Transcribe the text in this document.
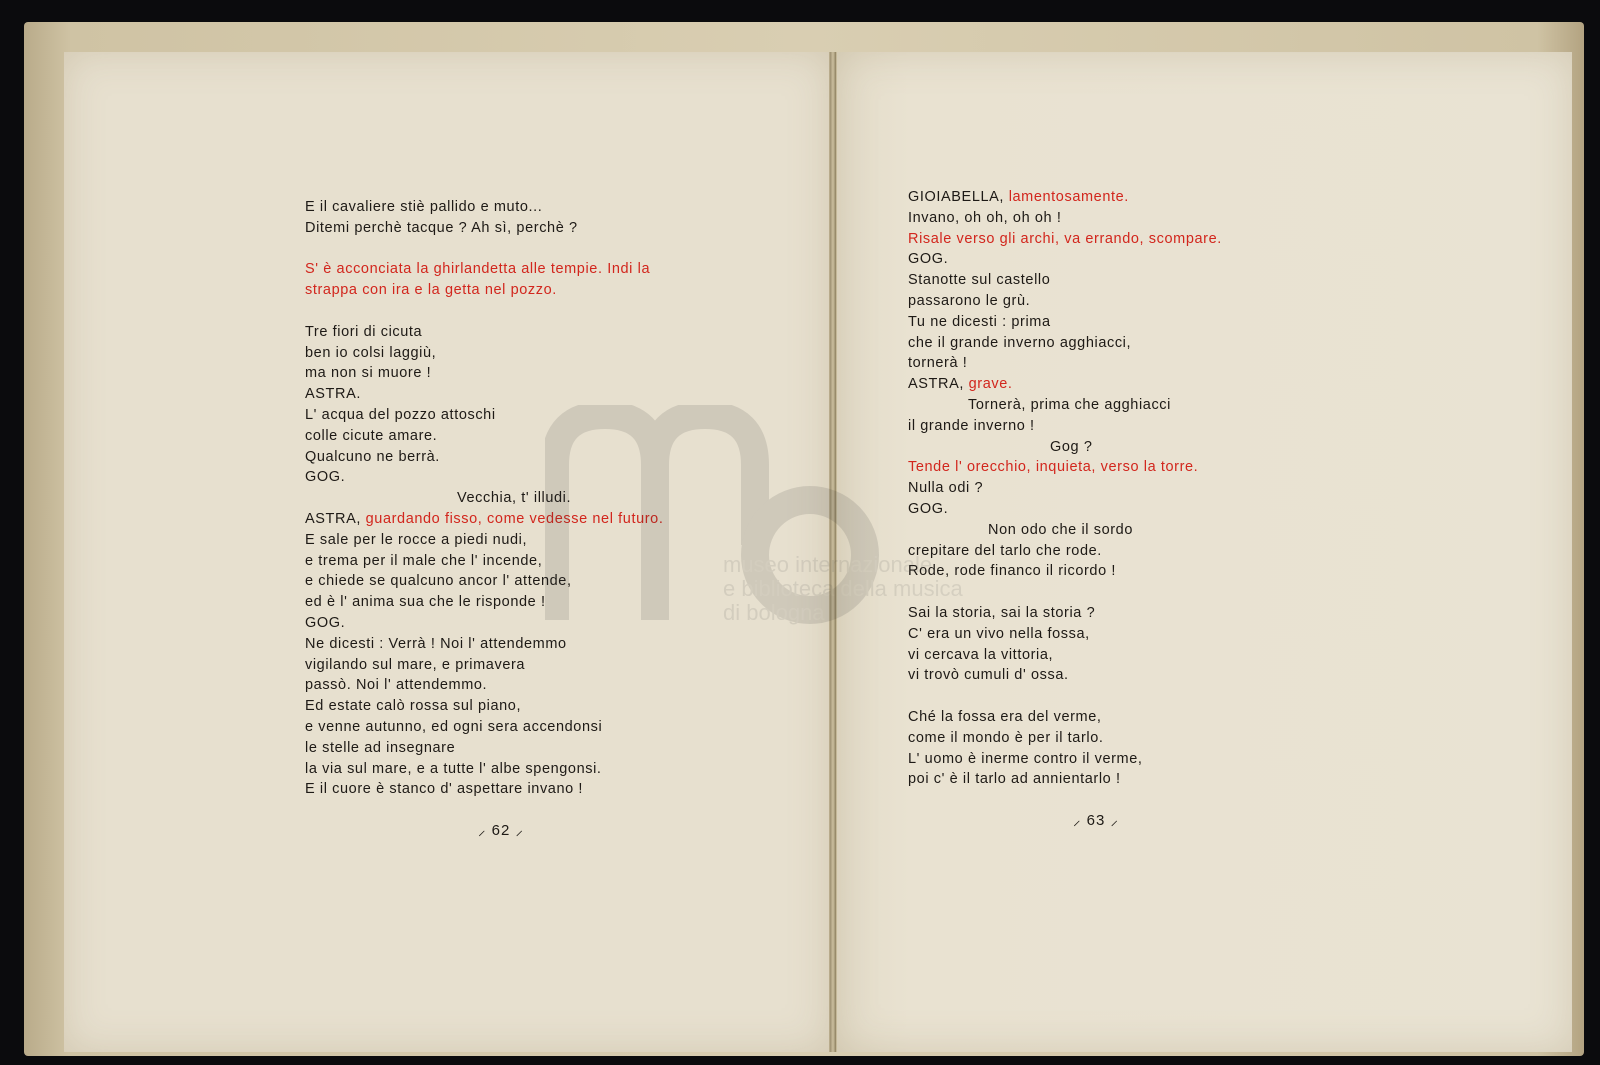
E il cavaliere stiè pallido e muto...
Ditemi perchè tacque ? Ah sì, perchè ?
S' è acconciata la ghirlandetta alle tempie. Indi la
strappa con ira e la getta nel pozzo.
Tre fiori di cicuta
ben io colsi laggiù,
ma non si muore !
ASTRA.
L' acqua del pozzo attoschi
colle cicute amare.
Qualcuno ne berrà.
GOG.
Vecchia, t' illudi.
ASTRA, guardando fisso, come vedesse nel futuro.
E sale per le rocce a piedi nudi,
e trema per il male che l' incende,
e chiede se qualcuno ancor l' attende,
ed è l' anima sua che le risponde !
GOG.
Ne dicesti : Verrà ! Noi l' attendemmo
vigilando sul mare, e primavera
passò. Noi l' attendemmo.
Ed estate calò rossa sul piano,
e venne autunno, ed ogni sera accendonsi
le stelle ad insegnare
la via sul mare, e a tutte l' albe spengonsi.
E il cuore è stanco d' aspettare invano !
⸝ 62 ⸝
GIOIABELLA, lamentosamente.
Invano, oh oh, oh oh !
Risale verso gli archi, va errando, scompare.
GOG.
Stanotte sul castello
passarono le grù.
Tu ne dicesti : prima
che il grande inverno agghiacci,
tornerà !
ASTRA, grave.
Tornerà, prima che agghiacci
il grande inverno !
Gog ?
Tende l' orecchio, inquieta, verso la torre.
Nulla odi ?
GOG.
Non odo che il sordo
crepitare del tarlo che rode.
Rode, rode financo il ricordo !
Sai la storia, sai la storia ?
C' era un vivo nella fossa,
vi cercava la vittoria,
vi trovò cumuli d' ossa.
Ché la fossa era del verme,
come il mondo è per il tarlo.
L' uomo è inerme contro il verme,
poi c' è il tarlo ad annientarlo !
⸝ 63 ⸝
